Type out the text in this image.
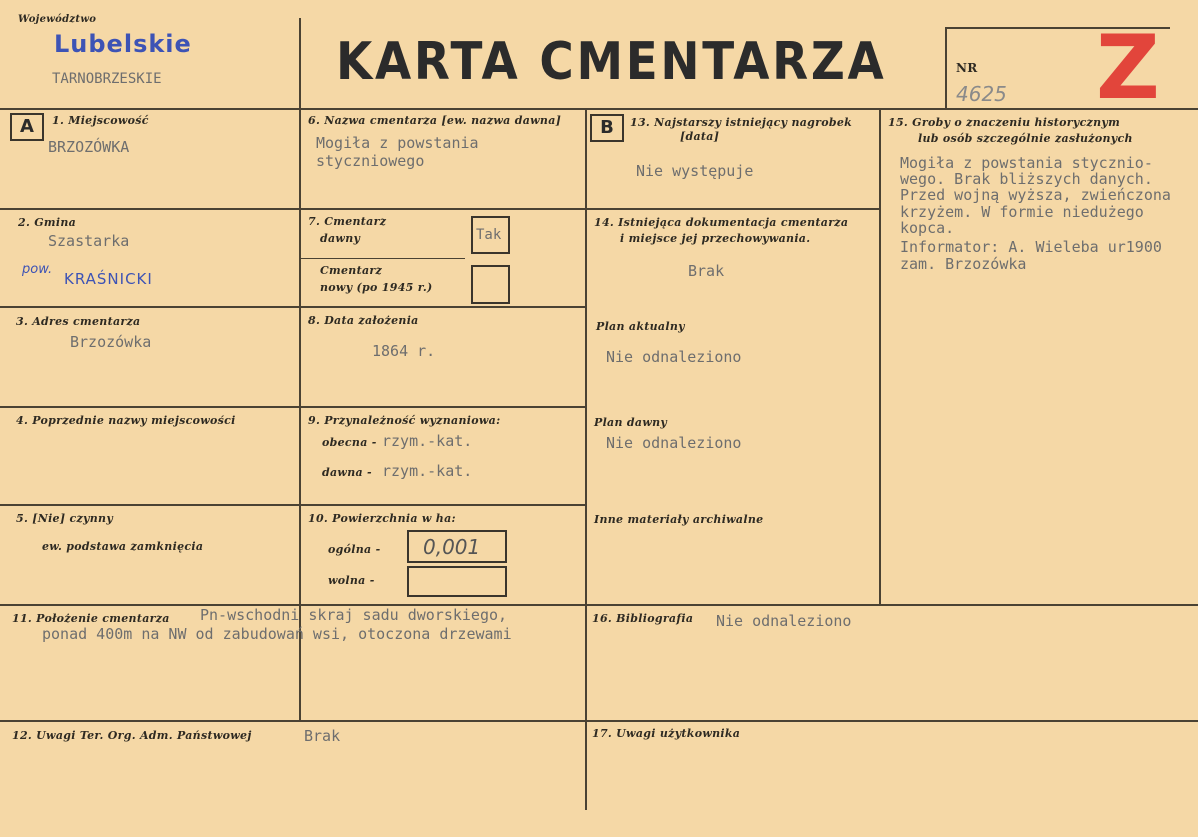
Województwo
Lubelskie
TARNOBRZESKIE	KARTA CMENTARZA	NR
4625 Z
A	1. Miejscowość
BRZOZÓWKA
2. Gmina
Szastarka
pow.
KRAŚNICKI
3. Adres cmentarza
Brzozówka
4. Poprzednie nazwy miejscowości
5. [Nie] czynny
ew. podstawa zamknięcia
6. Nazwa cmentarza [ew. nazwa dawna]
Mogiła z powstania
styczniowego
7. Cmentarz
dawny	Tak
Cmentarz
nowy (po 1945 r.)
8. Data założenia
1864 r.
9. Przynależność wyznaniowa:
obecna - rzym.-kat.
dawna - rzym.-kat.
10. Powierzchnia w ha:
ogólna - 0,001
wolna -
B	13. Najstarszy istniejący nagrobek
[data]
Nie występuje
14. Istniejąca dokumentacja cmentarza
i miejsce jej przechowywania.
Brak
Plan aktualny
Nie odnaleziono
Plan dawny
Nie odnaleziono
Inne materiały archiwalne
15. Groby o znaczeniu historycznym
lub osób szczególnie zasłużonych
Mogiła z powstania stycznio-
wego. Brak bliższych danych.
Przed wojną wyższa, zwieńczona
krzyżem. W formie niedużego
kopca.
Informator: A. Wieleba ur1900
zam. Brzozówka
11. Położenie cmentarza Pn-wschodni skraj sadu dworskiego,
ponad 400m na NW od zabudowań wsi, otoczona drzewami
16. Bibliografia Nie odnaleziono
12. Uwagi Ter. Org. Adm. Państwowej	Brak	17. Uwagi użytkownika
